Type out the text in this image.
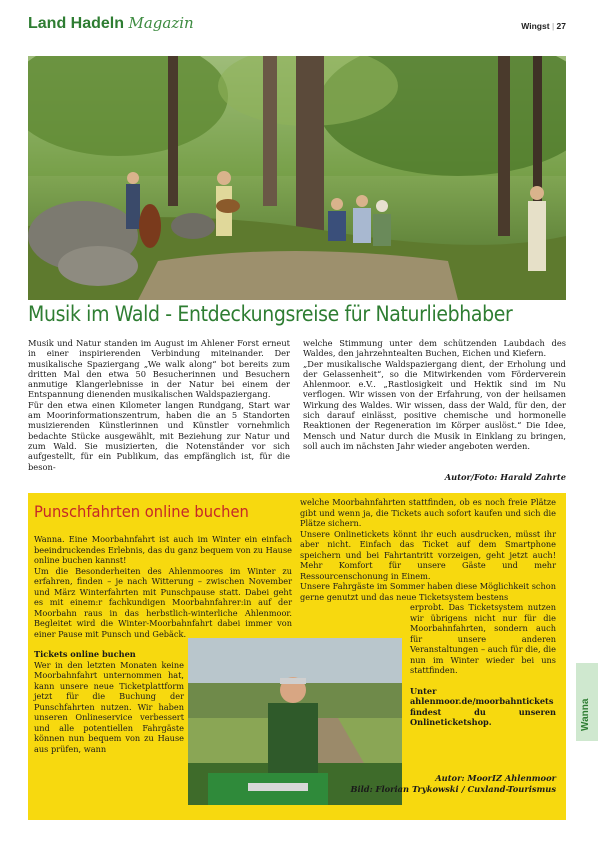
Land Hadeln Magazin	Wingst | 27
Musik im Wald - Entdeckungsreise für Naturliebhaber

Musik und Natur standen im August im Ahlener Forst erneut in einer inspirierenden Verbindung miteinander. Der musikalische Spaziergang „We walk along“ bot bereits zum dritten Mal den etwa 50 Besucherinnen und Besuchern anmutige Klangerlebnisse in der Natur bei einem der Entspannung dienenden musikalischen Waldspaziergang.

Für den etwa einen Kilometer langen Rundgang, Start war am Moorinformationszentrum, haben die an 5 Standorten musizierenden Künstlerinnen und Künstler vornehmlich bedachte Stücke ausgewählt, mit Beziehung zur Natur und zum Wald. Sie musizierten, die Notenständer vor sich aufgestellt, für ein Publikum, das empfänglich ist, für die beson-

welche Stimmung unter dem schützenden Laubdach des Waldes, den jahrzehntealten Buchen, Eichen und Kiefern.

„Der musikalische Waldspaziergang dient, der Erholung und der Gelassenheit“, so die Mitwirkenden vom Förderverein Ahlenmoor. e.V.. „Rastlosigkeit und Hektik sind im Nu verflogen. Wir wissen von der Erfahrung, von der heilsamen Wirkung des Waldes. Wir wissen, dass der Wald, für den, der sich darauf einlässt, positive chemische und hormonelle Reaktionen der Regeneration im Körper auslöst.“ Die Idee, Mensch und Natur durch die Musik in Einklang zu bringen, soll auch im nächsten Jahr wieder angeboten werden.

Autor/Foto: Harald Zahrte
Punschfahrten online buchen

Wanna. Eine Moorbahnfahrt ist auch im Winter ein einfach beeindruckendes Erlebnis, das du ganz bequem von zu Hause online buchen kannst!

Um die Besonderheiten des Ahlenmoores im Winter zu erfahren, finden – je nach Witterung – zwischen November und März Winterfahrten mit Punschpause statt. Dabei geht es mit einem:r fachkundigen Moorbahnfahrer:in auf der Moorbahn raus in das herbstlich-winterliche Ahlenmoor. Begleitet wird die Winter-Moorbahnfahrt dabei immer von einer Pause mit Punsch und Gebäck.

Tickets online buchen

Wer in den letzten Monaten keine Moorbahnfahrt unternommen hat, kann unsere neue Ticketplattform jetzt für die Buchung der Punschfahrten nutzen. Wir haben unseren Onlineservice verbessert und alle potentiellen Fahrgäste können nun bequem von zu Hause aus prüfen, wann

welche Moorbahnfahrten stattfinden, ob es noch freie Plätze gibt und wenn ja, die Tickets auch sofort kaufen und sich die Plätze sichern.

Unsere Onlinetickets könnt ihr euch ausdrucken, müsst ihr aber nicht. Einfach das Ticket auf dem Smartphone speichern und bei Fahrtantritt vorzeigen, geht jetzt auch! Mehr Komfort für unsere Gäste und mehr Ressourcenschonung in Einem.

Unsere Fahrgäste im Sommer haben diese Möglichkeit schon gerne genutzt und das neue Ticketsystem bestens

erprobt. Das Ticketsystem nutzen wir übrigens nicht nur für die Moorbahnfahrten, sondern auch für unsere anderen Veranstaltungen – auch für die, die nun im Winter wieder bei uns stattfinden.

Unter ahlenmoor.de/moorbahntickets findest du unseren Onlineticketshop.

Autor: MoorIZ Ahlenmoor
Bild: Florian Trykowski / Cuxland-Tourismus
Wanna
